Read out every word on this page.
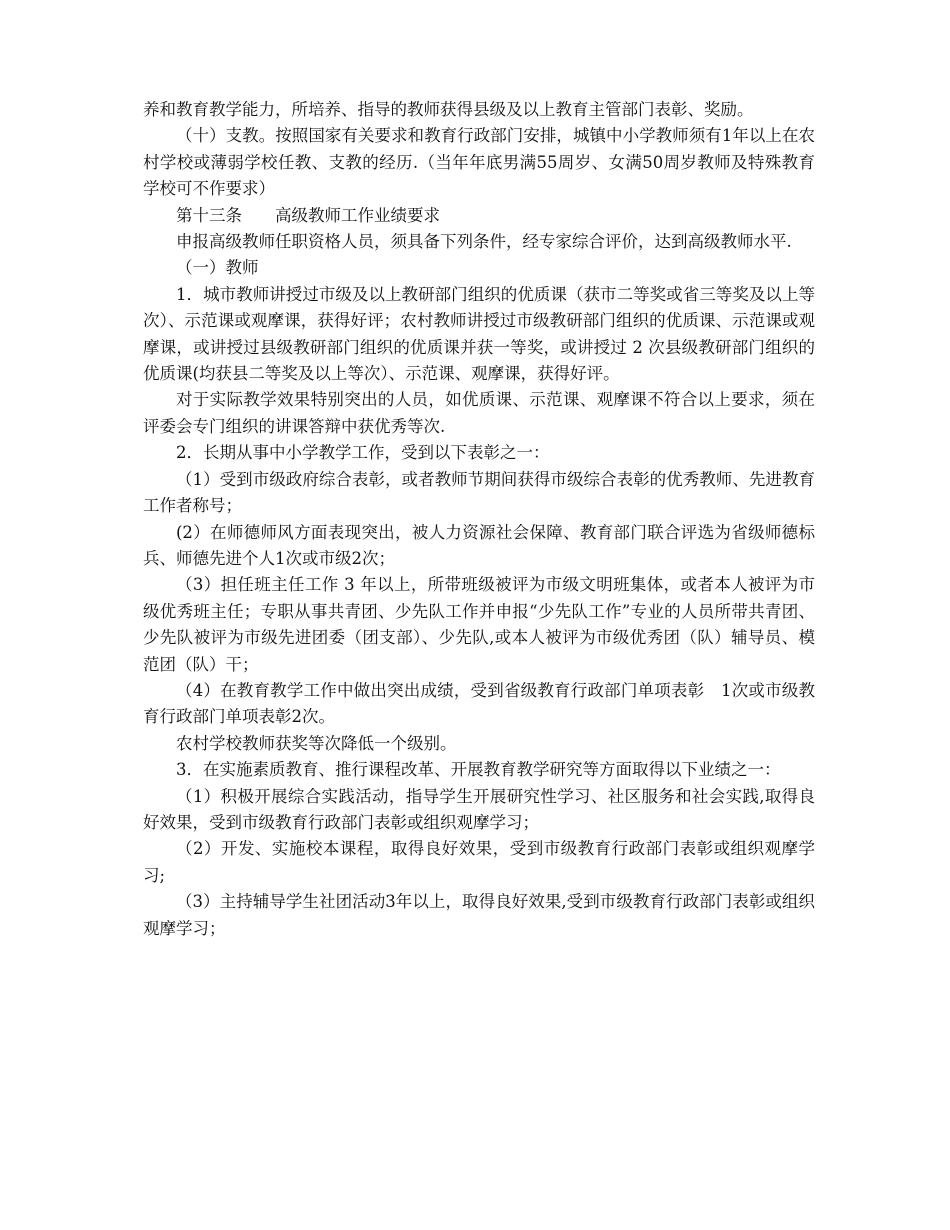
养和教育教学能力，所培养、指导的教师获得县级及以上教育主管部门表彰、奖励。

（十）支教。按照国家有关要求和教育行政部门安排，城镇中小学教师须有1年以上在农村学校或薄弱学校任教、支教的经历.（当年年底男满55周岁、女满50周岁教师及特殊教育学校可不作要求）

第十三条　　高级教师工作业绩要求

申报高级教师任职资格人员，须具备下列条件，经专家综合评价，达到高级教师水平.

（一）教师

1．城市教师讲授过市级及以上教研部门组织的优质课（获市二等奖或省三等奖及以上等次）、示范课或观摩课，获得好评；农村教师讲授过市级教研部门组织的优质课、示范课或观摩课，或讲授过县级教研部门组织的优质课并获一等奖，或讲授过 2 次县级教研部门组织的优质课(均获县二等奖及以上等次）、示范课、观摩课，获得好评。

对于实际教学效果特别突出的人员，如优质课、示范课、观摩课不符合以上要求，须在评委会专门组织的讲课答辩中获优秀等次.

2．长期从事中小学教学工作，受到以下表彰之一：

（1）受到市级政府综合表彰，或者教师节期间获得市级综合表彰的优秀教师、先进教育工作者称号；

(2）在师德师风方面表现突出，被人力资源社会保障、教育部门联合评选为省级师德标兵、师德先进个人1次或市级2次；

（3）担任班主任工作 3 年以上，所带班级被评为市级文明班集体，或者本人被评为市级优秀班主任；专职从事共青团、少先队工作并申报“少先队工作”专业的人员所带共青团、少先队被评为市级先进团委（团支部）、少先队,或本人被评为市级优秀团（队）辅导员、模范团（队）干；

（4）在教育教学工作中做出突出成绩，受到省级教育行政部门单项表彰　1次或市级教育行政部门单项表彰2次。

农村学校教师获奖等次降低一个级别。

3．在实施素质教育、推行课程改革、开展教育教学研究等方面取得以下业绩之一：

（1）积极开展综合实践活动，指导学生开展研究性学习、社区服务和社会实践,取得良好效果，受到市级教育行政部门表彰或组织观摩学习；

（2）开发、实施校本课程，取得良好效果，受到市级教育行政部门表彰或组织观摩学习;

（3）主持辅导学生社团活动3年以上，取得良好效果,受到市级教育行政部门表彰或组织观摩学习；
